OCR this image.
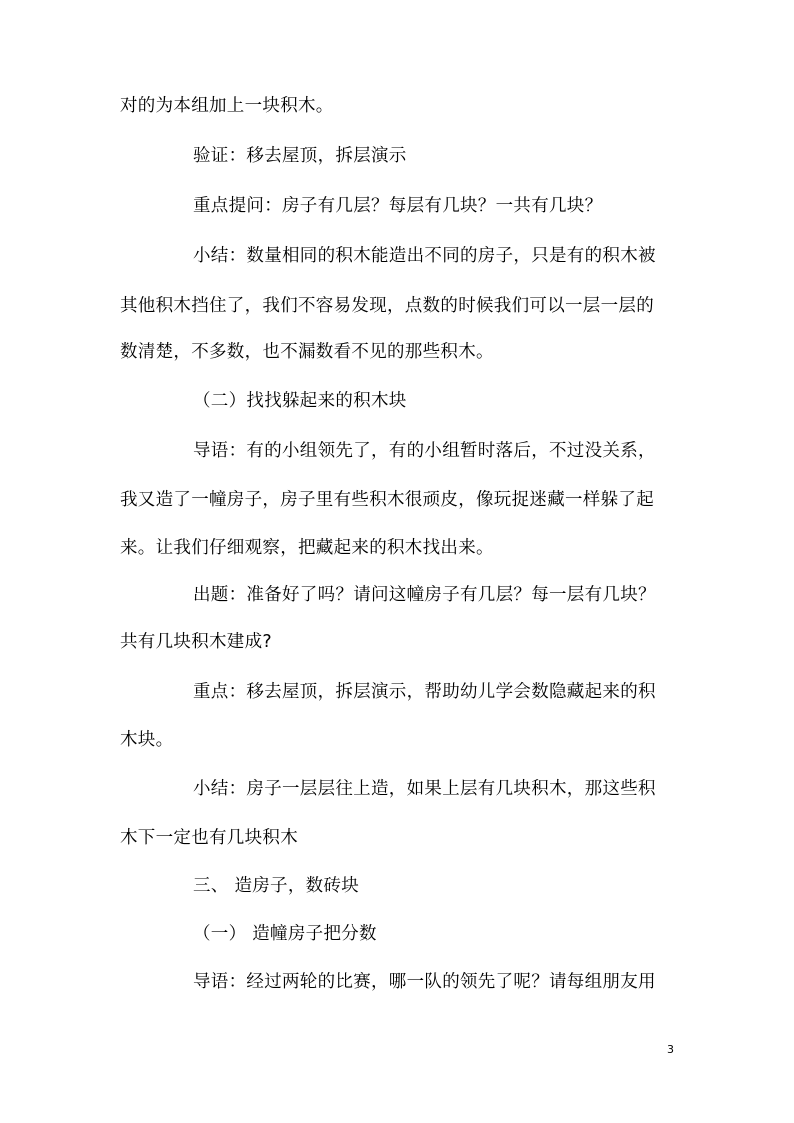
对的为本组加上一块积木。
验证：移去屋顶，拆层演示
重点提问：房子有几层？每层有几块？一共有几块？
小结：数量相同的积木能造出不同的房子，只是有的积木被
其他积木挡住了，我们不容易发现，点数的时候我们可以一层一层的
数清楚，不多数，也不漏数看不见的那些积木。
（二）找找躲起来的积木块
导语：有的小组领先了，有的小组暂时落后，不过没关系，
我又造了一幢房子，房子里有些积木很顽皮，像玩捉迷藏一样躲了起
来。让我们仔细观察，把藏起来的积木找出来。
出题：准备好了吗？请问这幢房子有几层？每一层有几块？
共有几块积木建成?
重点：移去屋顶，拆层演示，帮助幼儿学会数隐藏起来的积
木块。
小结：房子一层层往上造，如果上层有几块积木，那这些积
木下一定也有几块积木
三、 造房子，数砖块
（一） 造幢房子把分数
导语：经过两轮的比赛，哪一队的领先了呢？请每组朋友用
3
